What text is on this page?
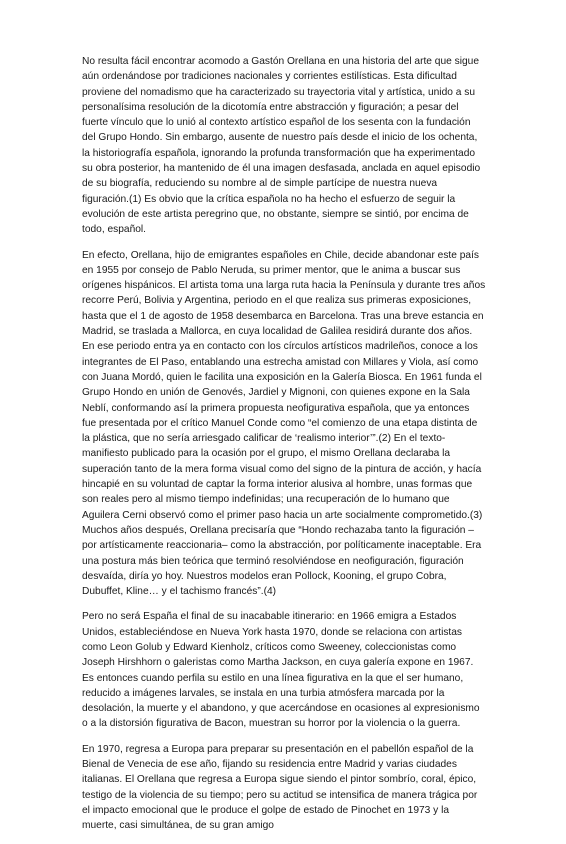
No resulta fácil encontrar acomodo a Gastón Orellana en una historia del arte que sigue aún ordenándose por tradiciones nacionales y corrientes estilísticas. Esta dificultad proviene del nomadismo que ha caracterizado su trayectoria vital y artística, unido a su personalísima resolución de la dicotomía entre abstracción y figuración; a pesar del fuerte vínculo que lo unió al contexto artístico español de los sesenta con la fundación del Grupo Hondo. Sin embargo, ausente de nuestro país desde el inicio de los ochenta, la historiografía española, ignorando la profunda transformación que ha experimentado su obra posterior, ha mantenido de él una imagen desfasada, anclada en aquel episodio de su biografía, reduciendo su nombre al de simple partícipe de nuestra nueva figuración.(1) Es obvio que la crítica española no ha hecho el esfuerzo de seguir la evolución de este artista peregrino que, no obstante, siempre se sintió, por encima de todo, español.

En efecto, Orellana, hijo de emigrantes españoles en Chile, decide abandonar este país en 1955 por consejo de Pablo Neruda, su primer mentor, que le anima a buscar sus orígenes hispánicos. El artista toma una larga ruta hacia la Península y durante tres años recorre Perú, Bolivia y Argentina, periodo en el que realiza sus primeras exposiciones, hasta que el 1 de agosto de 1958 desembarca en Barcelona. Tras una breve estancia en Madrid, se traslada a Mallorca, en cuya localidad de Galilea residirá durante dos años. En ese periodo entra ya en contacto con los círculos artísticos madrileños, conoce a los integrantes de El Paso, entablando una estrecha amistad con Millares y Viola, así como con Juana Mordó, quien le facilita una exposición en la Galería Biosca. En 1961 funda el Grupo Hondo en unión de Genovés, Jardiel y Mignoni, con quienes expone en la Sala Neblí, conformando así la primera propuesta neofigurativa española, que ya entonces fue presentada por el crítico Manuel Conde como “el comienzo de una etapa distinta de la plástica, que no sería arriesgado calificar de ‘realismo interior’”.(2) En el texto-manifiesto publicado para la ocasión por el grupo, el mismo Orellana declaraba la superación tanto de la mera forma visual como del signo de la pintura de acción, y hacía hincapié en su voluntad de captar la forma interior alusiva al hombre, unas formas que son reales pero al mismo tiempo indefinidas; una recuperación de lo humano que Aguilera Cerni observó como el primer paso hacia un arte socialmente comprometido.(3) Muchos años después, Orellana precisaría que “Hondo rechazaba tanto la figuración –por artísticamente reaccionaria– como la abstracción, por políticamente inaceptable. Era una postura más bien teórica que terminó resolviéndose en neofiguración, figuración desvaída, diría yo hoy. Nuestros modelos eran Pollock, Kooning, el grupo Cobra, Dubuffet, Kline… y el tachismo francés”.(4)

Pero no será España el final de su inacabable itinerario: en 1966 emigra a Estados Unidos, estableciéndose en Nueva York hasta 1970, donde se relaciona con artistas como Leon Golub y Edward Kienholz, críticos como Sweeney, coleccionistas como Joseph Hirshhorn o galeristas como Martha Jackson, en cuya galería expone en 1967. Es entonces cuando perfila su estilo en una línea figurativa en la que el ser humano, reducido a imágenes larvales, se instala en una turbia atmósfera marcada por la desolación, la muerte y el abandono, y que acercándose en ocasiones al expresionismo o a la distorsión figurativa de Bacon, muestran su horror por la violencia o la guerra.

En 1970, regresa a Europa para preparar su presentación en el pabellón español de la Bienal de Venecia de ese año, fijando su residencia entre Madrid y varias ciudades italianas. El Orellana que regresa a Europa sigue siendo el pintor sombrío, coral, épico, testigo de la violencia de su tiempo; pero su actitud se intensifica de manera trágica por el impacto emocional que le produce el golpe de estado de Pinochet en 1973 y la muerte, casi simultánea, de su gran amigo
